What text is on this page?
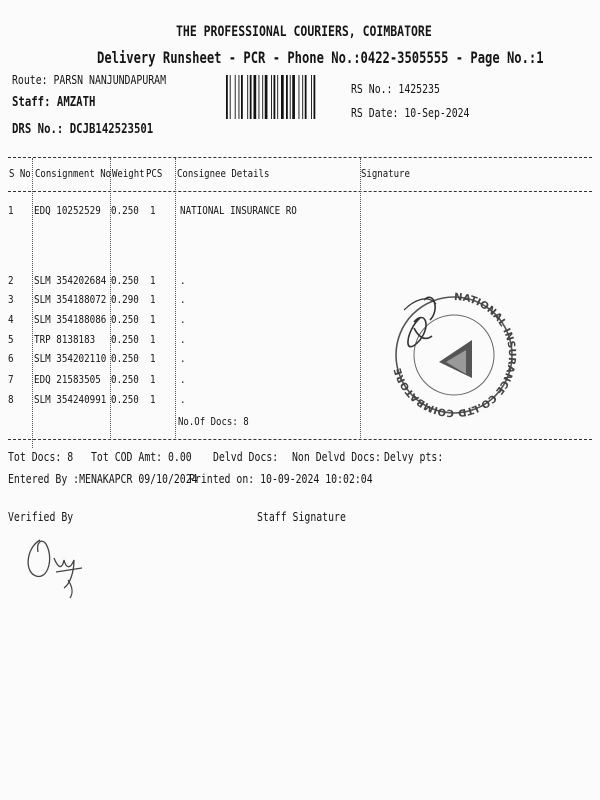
THE PROFESSIONAL COURIERS, COIMBATORE
Delivery Runsheet - PCR - Phone No.:0422-3505555 - Page No.:1
Route: PARSN NANJUNDAPURAM
Staff: AMZATH
DRS No.: DCJB142523501
RS No.: 1425235
RS Date: 10-Sep-2024
S No Consignment No Weight PCS Consignee Details	Signature
1 EDQ 10252529 0.250 1 NATIONAL INSURANCE RO
2 SLM 354202684 0.250 1 .
3 SLM 354188072 0.290 1 .
4 SLM 354188086 0.250 1 .
5 TRP 8138183 0.250 1 .
6 SLM 354202110 0.250 1 .
7 EDQ 21583505 0.250 1 .
8 SLM 354240991 0.250 1 .
No.Of Docs: 8
NATIONAL INSURANCE CO.LTD COIMBATORE
Tot Docs: 8 Tot COD Amt: 0.00 Delvd Docs: Non Delvd Docs: Delvy pts:
Entered By :MENAKAPCR 09/10/2024
Printed on: 10-09-2024 10:02:04
Verified By	Staff Signature
